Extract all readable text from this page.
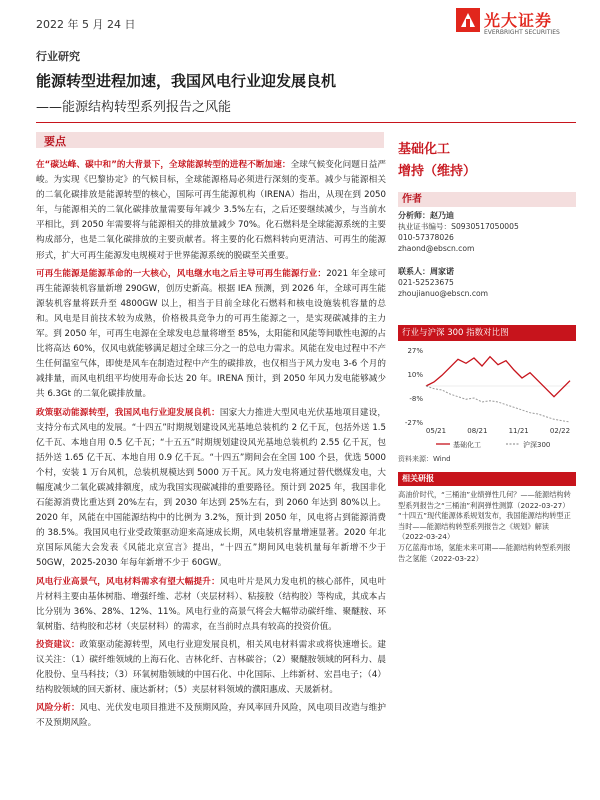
2022 年 5 月 24 日	光大证券
EVERBRIGHT SECURITIES
行业研究
能源转型进程加速，我国风电行业迎发展良机
——能源结构转型系列报告之风能
要点

在“碳达峰、碳中和”的大背景下，全球能源转型的进程不断加速：全球气候变化问题日益严峻。为实现《巴黎协定》的气候目标，全球能源格局必须进行深刻的变革。减少与能源相关的二氧化碳排放是能源转型的核心，国际可再生能源机构（IRENA）指出，从现在到 2050 年，与能源相关的二氧化碳排放量需要每年减少 3.5%左右，之后还要继续减少，与当前水平相比，到 2050 年需要将与能源相关的排放量减少 70%。化石燃料是全球能源系统的主要构成部分，也是二氧化碳排放的主要贡献者。将主要的化石燃料转向更清洁、可再生的能源形式，扩大可再生能源发电规模对于世界能源系统的脱碳至关重要。

可再生能源是能源革命的一大核心，风电继水电之后主导可再生能源行业：2021 年全球可再生能源装机容量新增 290GW，创历史新高。根据 IEA 预测，到 2026 年，全球可再生能源装机容量将跃升至 4800GW 以上，相当于目前全球化石燃料和核电设施装机容量的总和。风电是目前技术较为成熟，价格极具竞争力的可再生能源之一，是实现碳减排的主力军。到 2050 年，可再生电源在全球发电总量将增至 85%，太阳能和风能等间歇性电源的占比将高达 60%，仅风电就能够满足超过全球三分之一的总电力需求。风能在发电过程中不产生任何温室气体，即使是风车在制造过程中产生的碳排放，也仅相当于风力发电 3-6 个月的减排量，而风电机组平均使用寿命长达 20 年。IRENA 预计，到 2050 年风力发电能够减少共 6.3Gt 的二氧化碳排放量。

政策驱动能源转型，我国风电行业迎发展良机：国家大力推进大型风电光伏基地项目建设，支持分布式风电的发展。“十四五”时期规划建设风光基地总装机约 2 亿千瓦，包括外送 1.5 亿千瓦、本地自用 0.5 亿千瓦；“十五五”时期规划建设风光基地总装机约 2.55 亿千瓦，包括外送 1.65 亿千瓦、本地自用 0.9 亿千瓦。“十四五”期间会在全国 100 个县，优选 5000 个村，安装 1 万台风机，总装机规模达到 5000 万千瓦。风力发电将通过替代燃煤发电，大幅度减少二氧化碳减排额度，成为我国实现碳减排的重要路径。预计到 2025 年，我国非化石能源消费比重达到 20%左右，到 2030 年达到 25%左右，到 2060 年达到 80%以上。2020 年，风能在中国能源结构中的比例为 3.2%，预计到 2050 年，风电将占到能源消费的 38.5%。我国风电行业受政策驱动迎来高速成长期，风电装机容量增速显著。2020 年北京国际风能大会发表《风能北京宣言》提出，“十四五”期间风电装机量每年新增不少于 50GW，2025-2030 年每年新增不少于 60GW。

风电行业高景气，风电材料需求有望大幅提升：风电叶片是风力发电机的核心部件，风电叶片材料主要由基体树脂、增强纤维、芯材（夹层材料）、粘接胶（结构胶）等构成，其成本占比分别为 36%、28%、12%、11%。风电行业的高景气将会大幅带动碳纤维、聚醚胺、环氧树脂、结构胶和芯材（夹层材料）的需求，在当前时点具有较高的投资价值。

投资建议：政策驱动能源转型，风电行业迎发展良机，相关风电材料需求或将快速增长。建议关注：（1）碳纤维领域的上海石化、吉林化纤、吉林碳谷；（2）聚醚胺领域的阿科力、晨化股份、皇马科技；（3）环氧树脂领域的中国石化、中化国际、上纬新材、宏昌电子；（4）结构胶领域的回天新材、康达新材；（5）夹层材料领域的濮阳惠成、天晟新材。

风险分析：风电、光伏发电项目推进不及预期风险，弃风率回升风险，风电项目改造与维护不及预期风险。

基础化工
增持（维持）
作者
分析师：赵乃迪
执业证书编号：S0930517050005
010-57378026
zhaond@ebscn.com
联系人：周家诺
021-52523675
zhoujianuo@ebscn.com
行业与沪深 300 指数对比图
27%
10%
-8%
-27%
05/21	08/21	11/21	02/22
基础化工	沪深300
资料来源：Wind
相关研报

高油价时代，“三桶油”业绩弹性几何？——能源结构转型系列报告之“三桶油”利润弹性测算（2022-03-27）

“十四五”现代能源体系规划发布，我国能源结构转型正当时——能源结构转型系列报告之《规划》解读（2022-03-24）

万亿蓝海市场，氢能未来可期——能源结构转型系列报告之氢能（2022-03-22）
